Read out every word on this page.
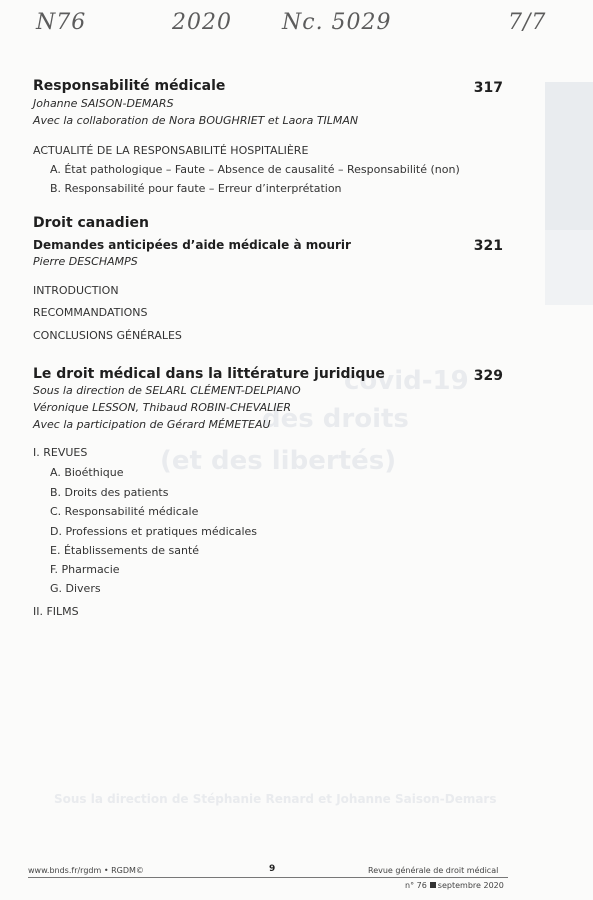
N76	2020 Nc. 5029	7/7
covid-19
des droits
(et des libertés)
Sous la direction de Stéphanie Renard et Johanne Saison-Demars
Responsabilité médicale	317
Johanne SAISON-DEMARS
Avec la collaboration de Nora BOUGHRIET et Laora TILMAN
ACTUALITÉ DE LA RESPONSABILITÉ HOSPITALIÈRE
A. État pathologique – Faute – Absence de causalité – Responsabilité (non)
B. Responsabilité pour faute – Erreur d’interprétation
Droit canadien
Demandes anticipées d’aide médicale à mourir	321
Pierre DESCHAMPS
INTRODUCTION
RECOMMANDATIONS
CONCLUSIONS GÉNÉRALES
Le droit médical dans la littérature juridique	329
Sous la direction de SELARL CLÉMENT-DELPIANO
Véronique LESSON, Thibaud ROBIN-CHEVALIER
Avec la participation de Gérard MÉMETEAU
I. REVUES
A. Bioéthique
B. Droits des patients
C. Responsabilité médicale
D. Professions et pratiques médicales
E. Établissements de santé
F. Pharmacie
G. Divers
II. FILMS
www.bnds.fr/rgdm • RGDM©	9	Revue générale de droit médical
n° 76 septembre 2020
